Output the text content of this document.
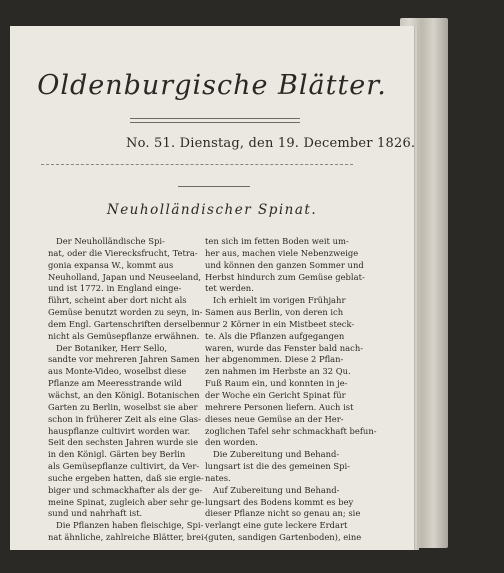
Oldenburgische Blätter.
No. 51. Dienstag, den 19. December 1826.
Neuholländischer Spinat.
Der Neuholländische Spi-
nat, oder die Vierecksfrucht, Tetra-
gonia expansa W., kommt aus
Neuholland, Japan und Neuseeland,
und ist 1772. in England einge-
führt, scheint aber dort nicht als
Gemüse benutzt worden zu seyn, in-
dem Engl. Gartenschriften derselben
nicht als Gemüsepflanze erwähnen.
Der Botaniker, Herr Sello,
sandte vor mehreren Jahren Samen
aus Monte-Video, woselbst diese
Pflanze am Meeresstrande wild
wächst, an den Königl. Botanischen
Garten zu Berlin, woselbst sie aber
schon in früherer Zeit als eine Glas-
hauspflanze cultivirt worden war.
Seit den sechsten Jahren wurde sie
in den Königl. Gärten bey Berlin
als Gemüsepflanze cultivirt, da Ver-
suche ergeben hatten, daß sie ergie-
biger und schmackhafter als der ge-
meine Spinat, zugleich aber sehr ge-
sund und nahrhaft ist.
Die Pflanzen haben fleischige, Spi-
nat ähnliche, zahlreiche Blätter, brei-
ten sich im fetten Boden weit um-
her aus, machen viele Nebenzweige
und können den ganzen Sommer und
Herbst hindurch zum Gemüse geblat-
tet werden.
Ich erhielt im vorigen Frühjahr
Samen aus Berlin, von deren ich
nur 2 Körner in ein Mistbeet steck-
te. Als die Pflanzen aufgegangen
waren, wurde das Fenster bald nach-
her abgenommen. Diese 2 Pflan-
zen nahmen im Herbste an 32 Qu.
Fuß Raum ein, und konnten in je-
der Woche ein Gericht Spinat für
mehrere Personen liefern. Auch ist
dieses neue Gemüse an der Her-
zoglichen Tafel sehr schmackhaft befun-
den worden.
Die Zubereitung und Behand-
lungsart ist die des gemeinen Spi-
nates.
Auf Zubereitung und Behand-
lungsart des Bodens kommt es bey
dieser Pflanze nicht so genau an; sie
verlangt eine gute leckere Erdart
(guten, sandigen Gartenboden), eine
